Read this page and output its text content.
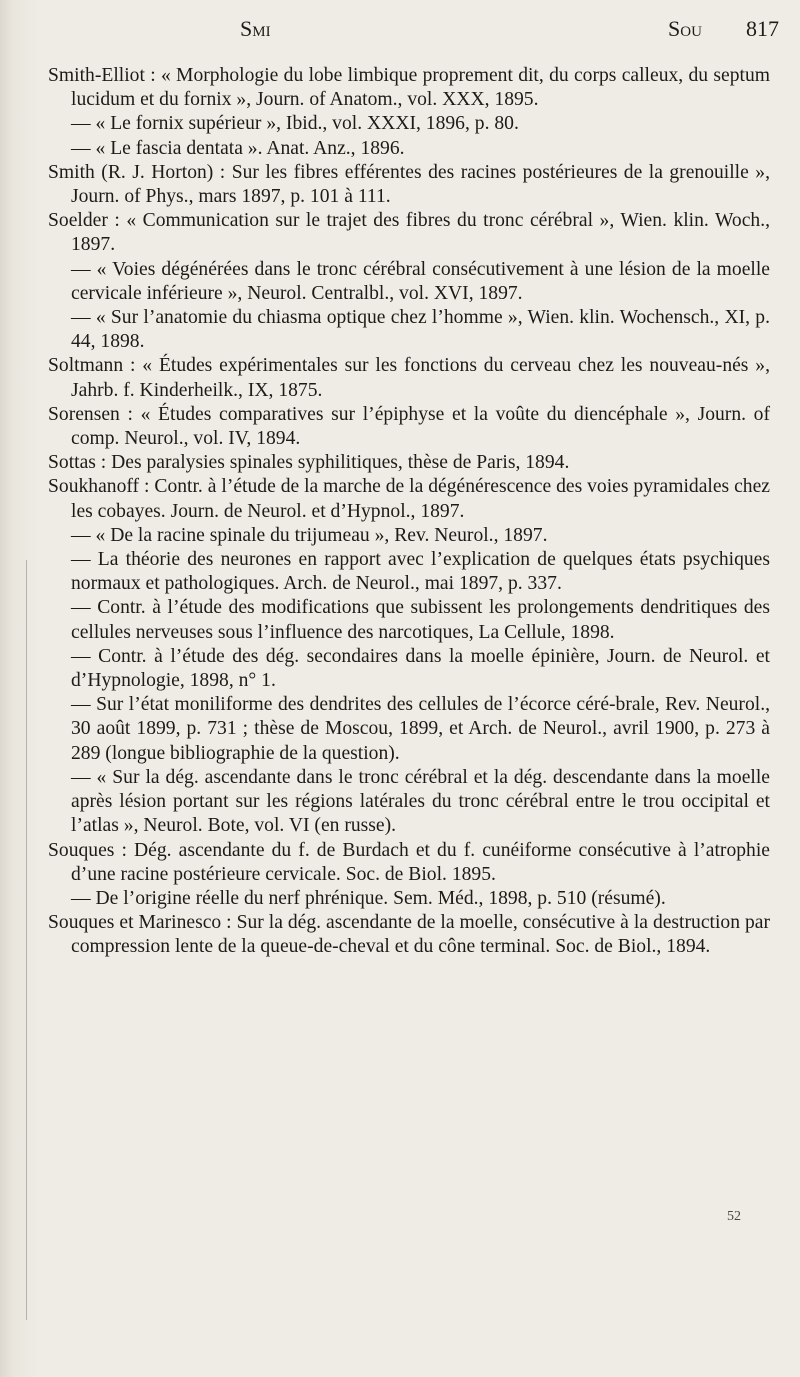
Smi	Sou 817

Smith-Elliot : « Morphologie du lobe limbique proprement dit, du corps calleux, du septum lucidum et du fornix », Journ. of Anatom., vol. XXX, 1895.

— « Le fornix supérieur », Ibid., vol. XXXI, 1896, p. 80.

— « Le fascia dentata ». Anat. Anz., 1896.

Smith (R. J. Horton) : Sur les fibres efférentes des racines postérieures de la grenouille », Journ. of Phys., mars 1897, p. 101 à 111.

Soelder : « Communication sur le trajet des fibres du tronc cérébral », Wien. klin. Woch., 1897.

— « Voies dégénérées dans le tronc cérébral consécutivement à une lésion de la moelle cervicale inférieure », Neurol. Centralbl., vol. XVI, 1897.

— « Sur l’anatomie du chiasma optique chez l’homme », Wien. klin. Wochensch., XI, p. 44, 1898.

Soltmann : « Études expérimentales sur les fonctions du cerveau chez les nouveau-nés », Jahrb. f. Kinderheilk., IX, 1875.

Sorensen : « Études comparatives sur l’épiphyse et la voûte du diencéphale », Journ. of comp. Neurol., vol. IV, 1894.

Sottas : Des paralysies spinales syphilitiques, thèse de Paris, 1894.

Soukhanoff : Contr. à l’étude de la marche de la dégénérescence des voies pyramidales chez les cobayes. Journ. de Neurol. et d’Hypnol., 1897.

— « De la racine spinale du trijumeau », Rev. Neurol., 1897.

— La théorie des neurones en rapport avec l’explication de quelques états psychiques normaux et pathologiques. Arch. de Neurol., mai 1897, p. 337.

— Contr. à l’étude des modifications que subissent les prolongements dendritiques des cellules nerveuses sous l’influence des narcotiques, La Cellule, 1898.

— Contr. à l’étude des dég. secondaires dans la moelle épinière, Journ. de Neurol. et d’Hypnologie, 1898, n° 1.

— Sur l’état moniliforme des dendrites des cellules de l’écorce céré-brale, Rev. Neurol., 30 août 1899, p. 731 ; thèse de Moscou, 1899, et Arch. de Neurol., avril 1900, p. 273 à 289 (longue bibliographie de la question).

— « Sur la dég. ascendante dans le tronc cérébral et la dég. descendante dans la moelle après lésion portant sur les régions latérales du tronc cérébral entre le trou occipital et l’atlas », Neurol. Bote, vol. VI (en russe).

Souques : Dég. ascendante du f. de Burdach et du f. cunéiforme consécutive à l’atrophie d’une racine postérieure cervicale. Soc. de Biol. 1895.

— De l’origine réelle du nerf phrénique. Sem. Méd., 1898, p. 510 (résumé).

Souques et Marinesco : Sur la dég. ascendante de la moelle, consécutive à la destruction par compression lente de la queue-de-cheval et du cône terminal. Soc. de Biol., 1894.

52
